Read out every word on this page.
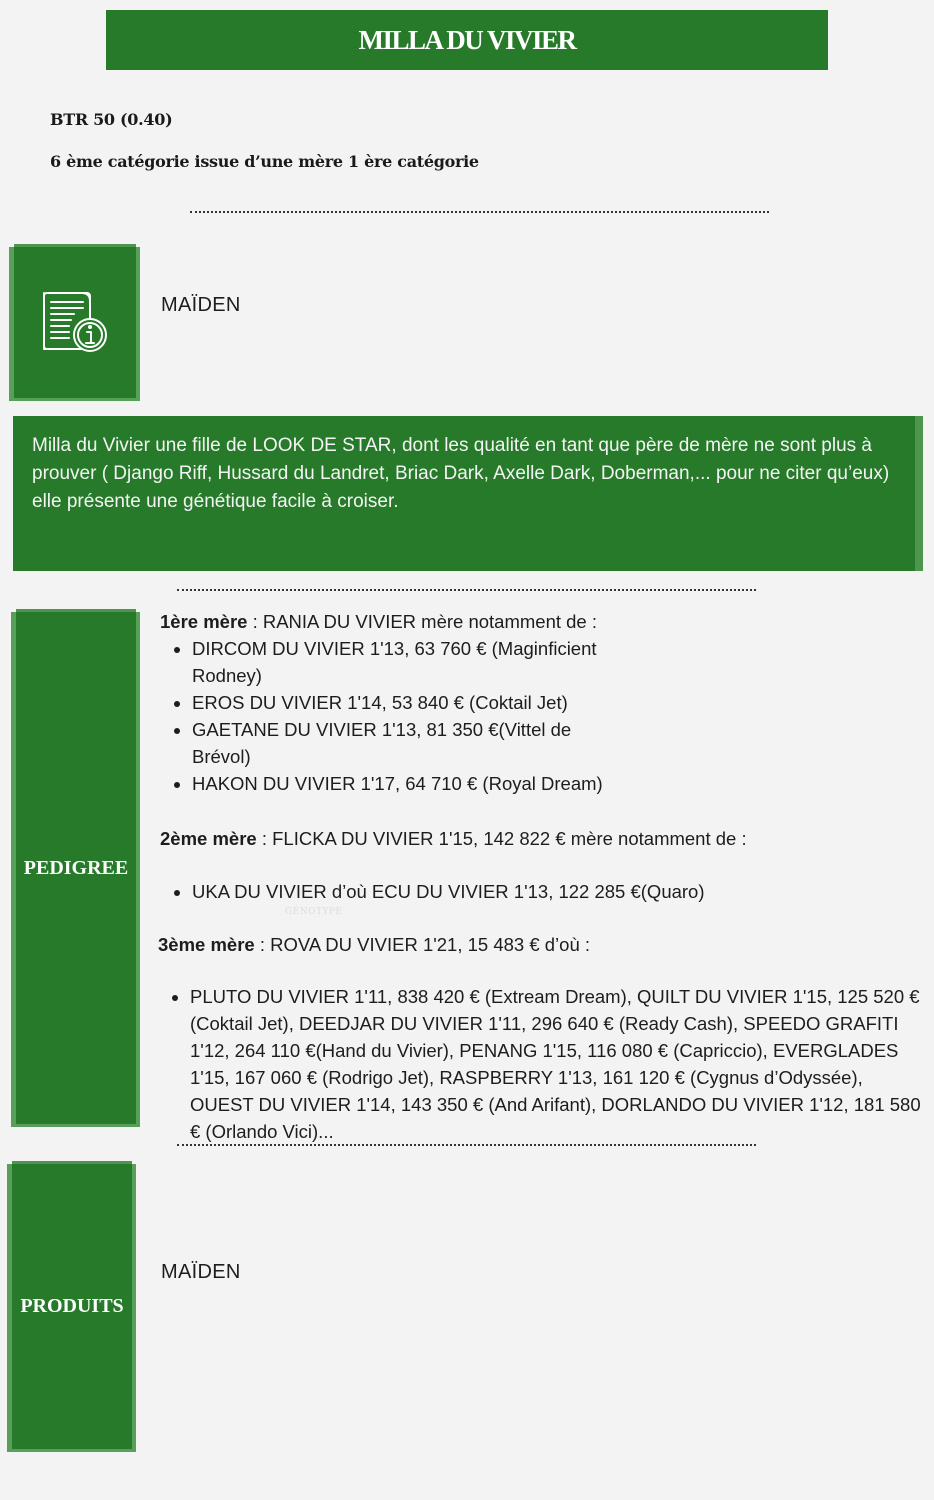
MILLA DU VIVIER
BTR 50 (0.40)
6 ème catégorie issue d’une mère 1 ère catégorie
MAÏDEN
Milla du Vivier une fille de LOOK DE STAR, dont les qualité en tant que père de mère ne sont plus à prouver ( Django Riff, Hussard du Landret, Briac Dark, Axelle Dark, Doberman,... pour ne citer qu’eux) elle présente une génétique facile à croiser.
PEDIGREE

1ère mère : RANIA DU VIVIER mère notamment de :

• DIRCOM DU VIVIER 1'13, 63 760 € (Maginficient Rodney)
• EROS DU VIVIER 1'14, 53 840 € (Coktail Jet)
• GAETANE DU VIVIER 1'13, 81 350 €(Vittel de Brévol)
• HAKON DU VIVIER 1'17, 64 710 € (Royal Dream)

2ème mère : FLICKA DU VIVIER 1'15, 142 822 € mère notamment de :

• UKA DU VIVIER d’où ECU DU VIVIER 1'13, 122 285 €(Quaro)
GÉNOTYPE

3ème mère : ROVA DU VIVIER 1'21, 15 483 € d’où :

• PLUTO DU VIVIER 1'11, 838 420 € (Extream Dream), QUILT DU VIVIER 1'15, 125 520 € (Coktail Jet), DEEDJAR DU VIVIER 1'11, 296 640 € (Ready Cash), SPEEDO GRAFITI 1'12, 264 110 €(Hand du Vivier), PENANG 1'15, 116 080 € (Capriccio), EVERGLADES 1'15, 167 060 € (Rodrigo Jet), RASPBERRY 1'13, 161 120 € (Cygnus d’Odyssée), OUEST DU VIVIER 1'14, 143 350 € (And Arifant), DORLANDO DU VIVIER 1'12, 181 580 € (Orlando Vici)...
PRODUITS
MAÏDEN
